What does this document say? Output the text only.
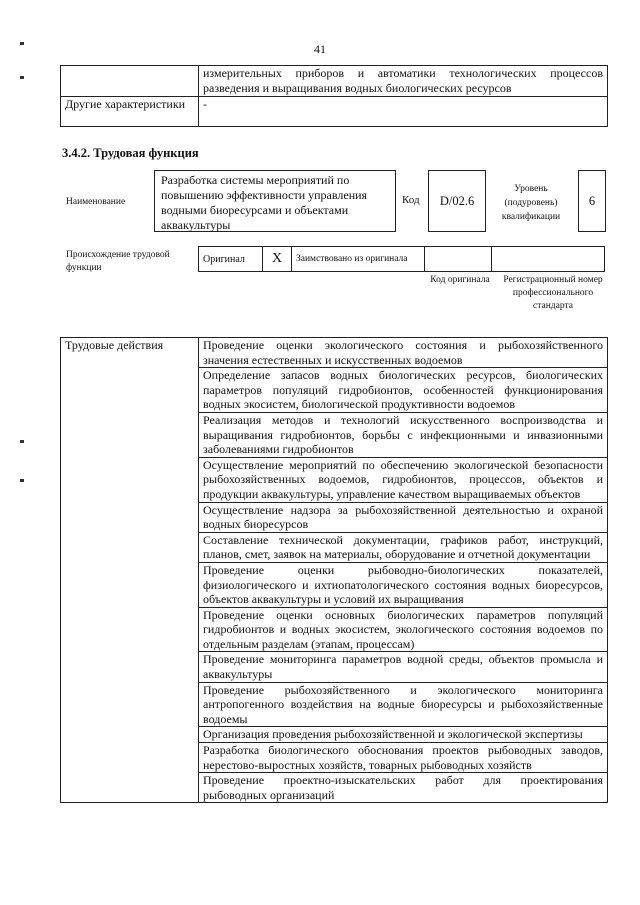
41
	измерительных приборов и автоматики технологических процессов разведения и выращивания водных биологических ресурсов
Другие характеристики	-
3.4.2. Трудовая функция
Наименование
Разработка системы мероприятий по повышению эффективности управления водными биоресурсами и объектами аквакультуры
Код	D/02.6
Уровень (подуровень) квалификации
6
Происхождение трудовой функции
Оригинал	X	Заимствовано из оригинала		
Код оригинала	Регистрационный номер профессионального стандарта
Трудовые действия	Проведение оценки экологического состояния и рыбохозяйственного значения естественных и искусственных водоемов
Определение запасов водных биологических ресурсов, биологических параметров популяций гидробионтов, особенностей функционирования водных экосистем, биологической продуктивности водоемов
Реализация методов и технологий искусственного воспроизводства и выращивания гидробионтов, борьбы с инфекционными и инвазионными заболеваниями гидробионтов
Осуществление мероприятий по обеспечению экологической безопасности рыбохозяйственных водоемов, гидробионтов, процессов, объектов и продукции аквакультуры, управление качеством выращиваемых объектов
Осуществление надзора за рыбохозяйственной деятельностью и охраной водных биоресурсов
Составление технической документации, графиков работ, инструкций, планов, смет, заявок на материалы, оборудование и отчетной документации
Проведение оценки рыбоводно-биологических показателей, физиологического и ихтиопатологического состояния водных биоресурсов, объектов аквакультуры и условий их выращивания
Проведение оценки основных биологических параметров популяций гидробионтов и водных экосистем, экологического состояния водоемов по отдельным разделам (этапам, процессам)
Проведение мониторинга параметров водной среды, объектов промысла и аквакультуры
Проведение рыбохозяйственного и экологического мониторинга антропогенного воздействия на водные биоресурсы и рыбохозяйственные водоемы
Организация проведения рыбохозяйственной и экологической экспертизы
Разработка биологического обоснования проектов рыбоводных заводов, нерестово-выростных хозяйств, товарных рыбоводных хозяйств
Проведение проектно-изыскательских работ для проектирования рыбоводных организаций
